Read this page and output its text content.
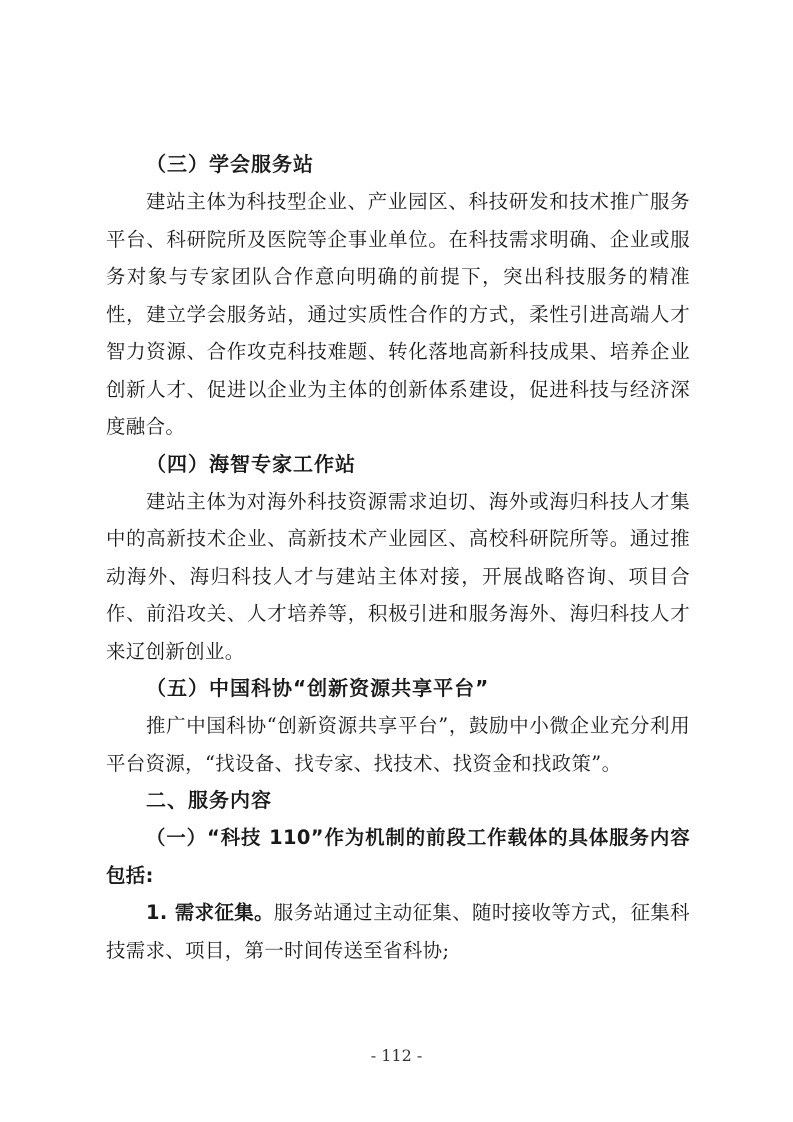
（三）学会服务站

建站主体为科技型企业、产业园区、科技研发和技术推广服务平台、科研院所及医院等企事业单位。在科技需求明确、企业或服务对象与专家团队合作意向明确的前提下，突出科技服务的精准性，建立学会服务站，通过实质性合作的方式，柔性引进高端人才智力资源、合作攻克科技难题、转化落地高新科技成果、培养企业创新人才、促进以企业为主体的创新体系建设，促进科技与经济深度融合。

（四）海智专家工作站

建站主体为对海外科技资源需求迫切、海外或海归科技人才集中的高新技术企业、高新技术产业园区、高校科研院所等。通过推动海外、海归科技人才与建站主体对接，开展战略咨询、项目合作、前沿攻关、人才培养等，积极引进和服务海外、海归科技人才来辽创新创业。

（五）中国科协“创新资源共享平台”

推广中国科协“创新资源共享平台”，鼓励中小微企业充分利用平台资源，“找设备、找专家、找技术、找资金和找政策”。

二、服务内容

（一）“科技 110”作为机制的前段工作载体的具体服务内容包括:

1. 需求征集。服务站通过主动征集、随时接收等方式，征集科技需求、项目，第一时间传送至省科协;

- 112 -
